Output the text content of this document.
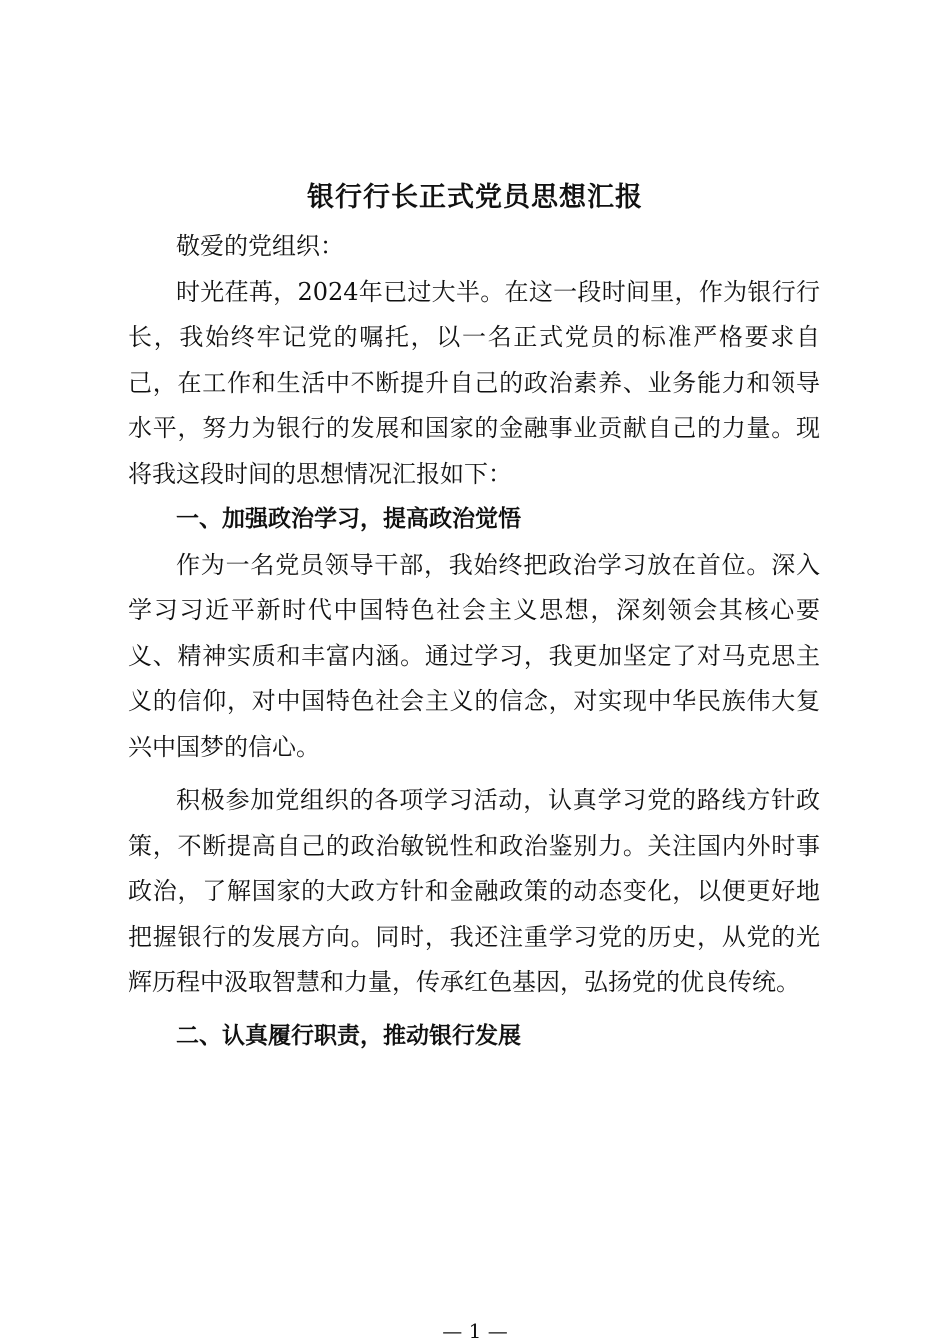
银行行长正式党员思想汇报

敬爱的党组织：

时光荏苒，2024年已过大半。在这一段时间里，作为银行行长，我始终牢记党的嘱托，以一名正式党员的标准严格要求自己，在工作和生活中不断提升自己的政治素养、业务能力和领导水平，努力为银行的发展和国家的金融事业贡献自己的力量。现将我这段时间的思想情况汇报如下：

一、加强政治学习，提高政治觉悟

作为一名党员领导干部，我始终把政治学习放在首位。深入学习习近平新时代中国特色社会主义思想，深刻领会其核心要义、精神实质和丰富内涵。通过学习，我更加坚定了对马克思主义的信仰，对中国特色社会主义的信念，对实现中华民族伟大复兴中国梦的信心。

积极参加党组织的各项学习活动，认真学习党的路线方针政策，不断提高自己的政治敏锐性和政治鉴别力。关注国内外时事政治，了解国家的大政方针和金融政策的动态变化，以便更好地把握银行的发展方向。同时，我还注重学习党的历史，从党的光辉历程中汲取智慧和力量，传承红色基因，弘扬党的优良传统。

二、认真履行职责，推动银行发展

— 1 —
